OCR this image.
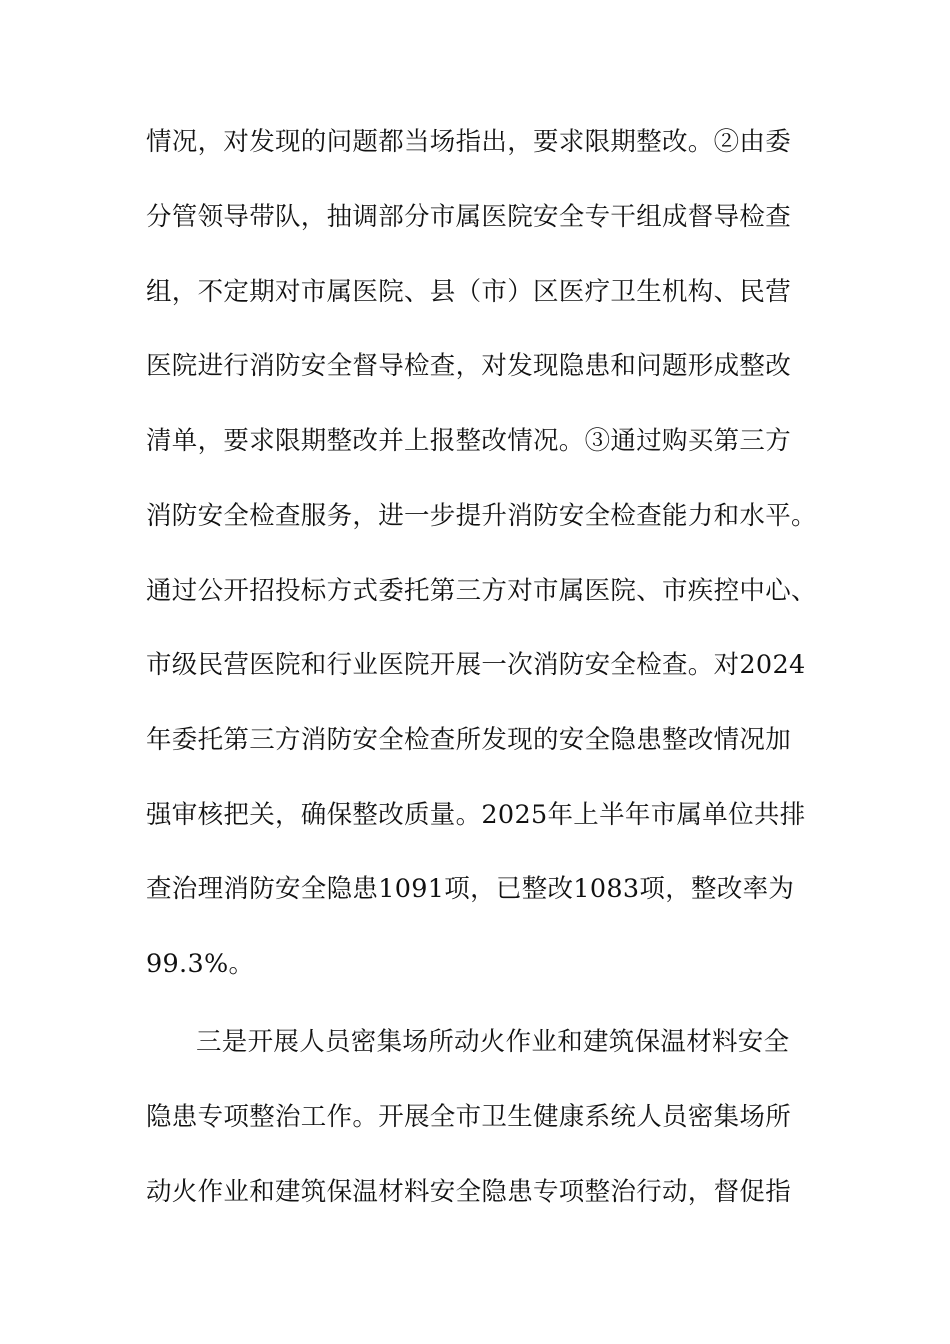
情况，对发现的问题都当场指出，要求限期整改。②由委
分管领导带队，抽调部分市属医院安全专干组成督导检查
组，不定期对市属医院、县（市）区医疗卫生机构、民营
医院进行消防安全督导检查，对发现隐患和问题形成整改
清单，要求限期整改并上报整改情况。③通过购买第三方
消防安全检查服务，进一步提升消防安全检查能力和水平。
通过公开招投标方式委托第三方对市属医院、市疾控中心、
市级民营医院和行业医院开展一次消防安全检查。对2024
年委托第三方消防安全检查所发现的安全隐患整改情况加
强审核把关，确保整改质量。2025年上半年市属单位共排
查治理消防安全隐患1091项，已整改1083项，整改率为
99.3%。
三是开展人员密集场所动火作业和建筑保温材料安全
隐患专项整治工作。开展全市卫生健康系统人员密集场所
动火作业和建筑保温材料安全隐患专项整治行动，督促指
